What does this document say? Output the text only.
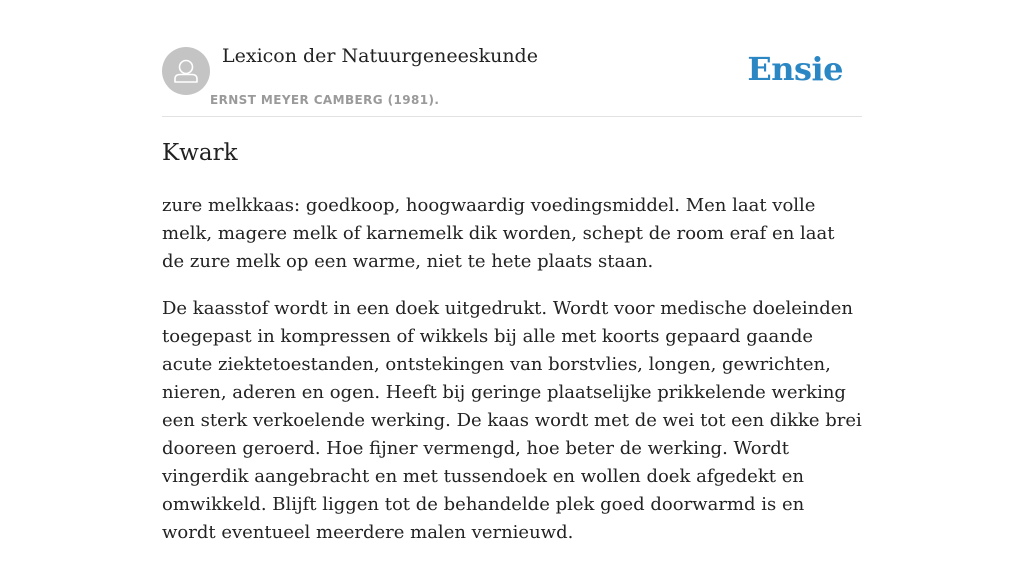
Lexicon der Natuurgeneeskunde
ERNST MEYER CAMBERG (1981).
Ensie
Kwark

zure melkkaas: goedkoop, hoogwaardig voedingsmiddel. Men laat volle melk, magere melk of karnemelk dik worden, schept de room eraf en laat de zure melk op een warme, niet te hete plaats staan.

De kaasstof wordt in een doek uitgedrukt. Wordt voor medische doeleinden toegepast in kompressen of wikkels bij alle met koorts gepaard gaande acute ziektetoestanden, ontstekingen van borstvlies, longen, gewrichten, nieren, aderen en ogen. Heeft bij geringe plaatselijke prikkelende werking een sterk verkoelende werking. De kaas wordt met de wei tot een dikke brei dooreen geroerd. Hoe fijner vermengd, hoe beter de werking. Wordt vingerdik aangebracht en met tussendoek en wollen doek afgedekt en omwikkeld. Blijft liggen tot de behandelde plek goed doorwarmd is en wordt eventueel meerdere malen vernieuwd.
